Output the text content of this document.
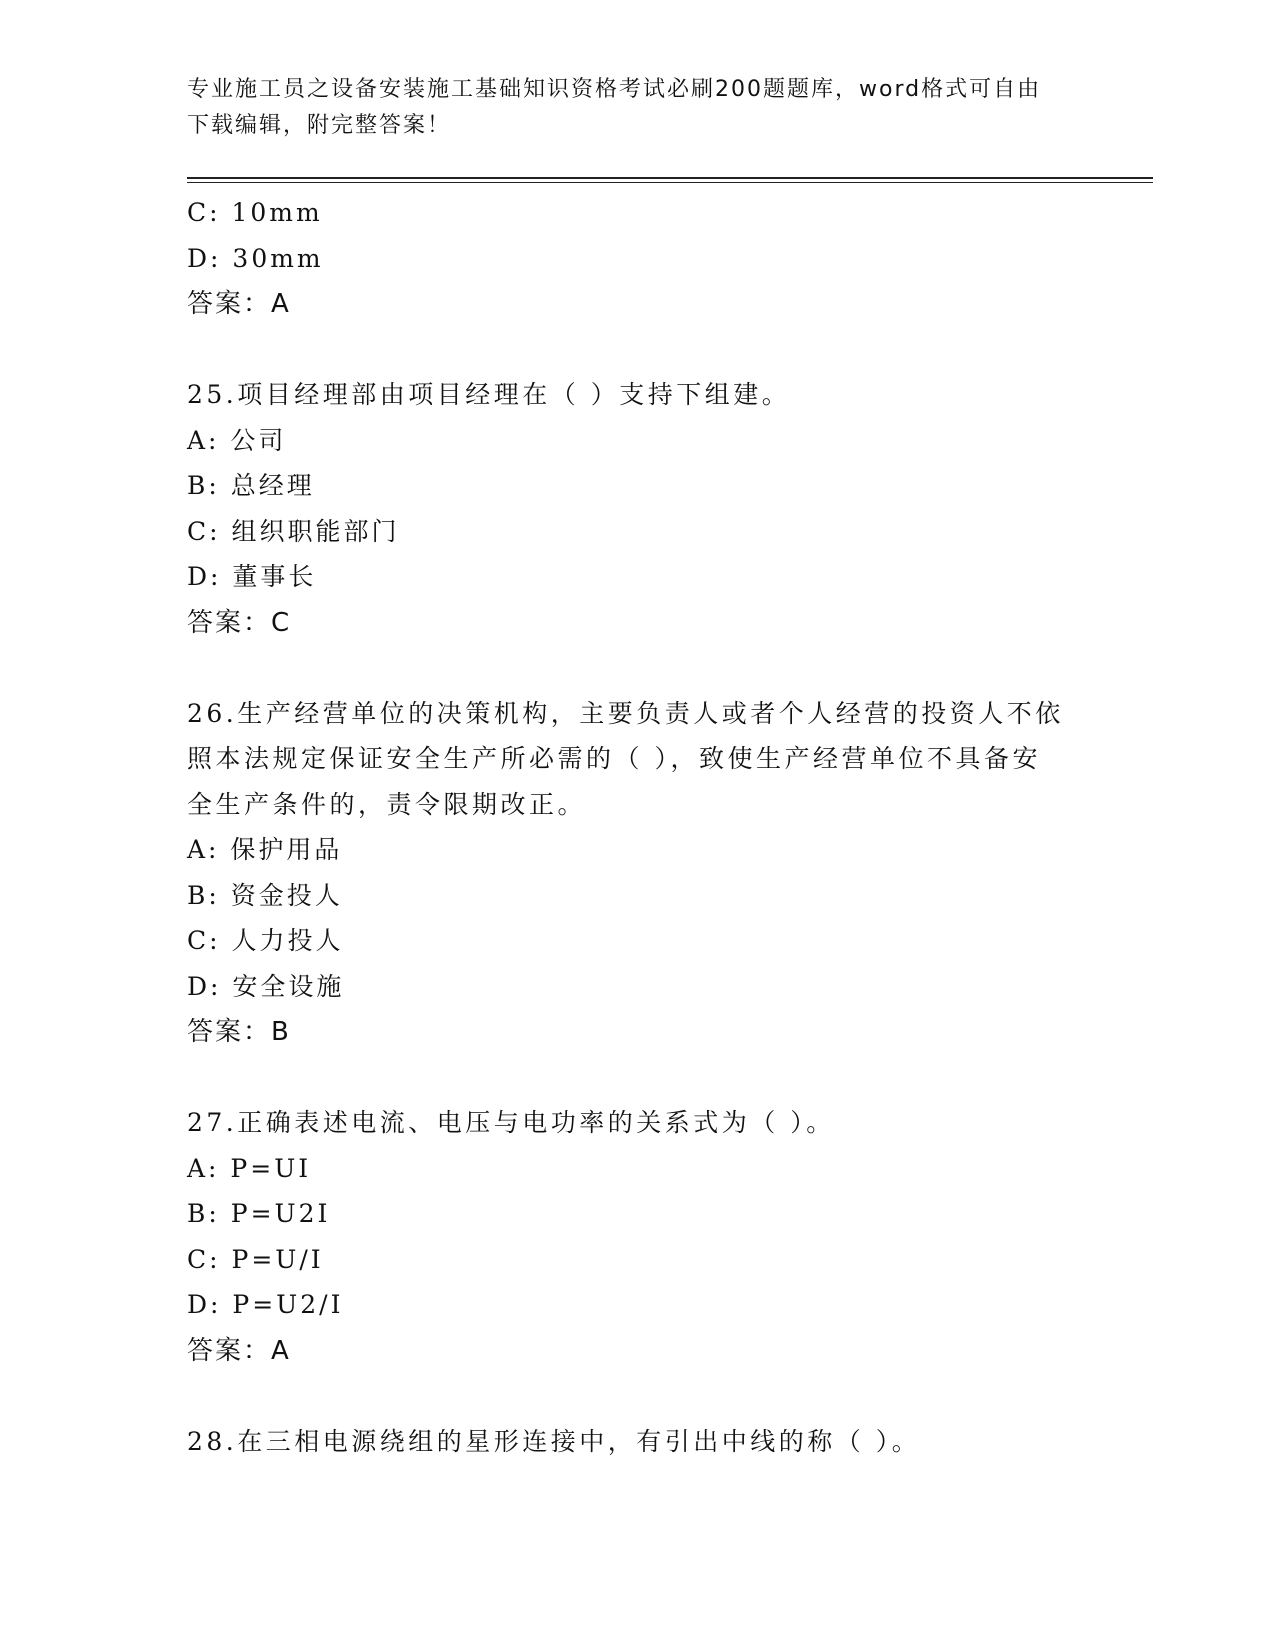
专业施工员之设备安装施工基础知识资格考试必刷200题题库，word格式可自由
下载编辑，附完整答案！
C: 10mm
D: 30mm
答案：A
25.项目经理部由项目经理在（ ）支持下组建。
A: 公司
B: 总经理
C: 组织职能部门
D: 董事长
答案：C
26.生产经营单位的决策机构，主要负责人或者个人经营的投资人不依
照本法规定保证安全生产所必需的（ ），致使生产经营单位不具备安
全生产条件的，责令限期改正。
A: 保护用品
B: 资金投人
C: 人力投人
D: 安全设施
答案：B
27.正确表述电流、电压与电功率的关系式为（ ）。
A: P=UI
B: P=U2I
C: P=U/I
D: P=U2/I
答案：A
28.在三相电源绕组的星形连接中，有引出中线的称（ ）。
